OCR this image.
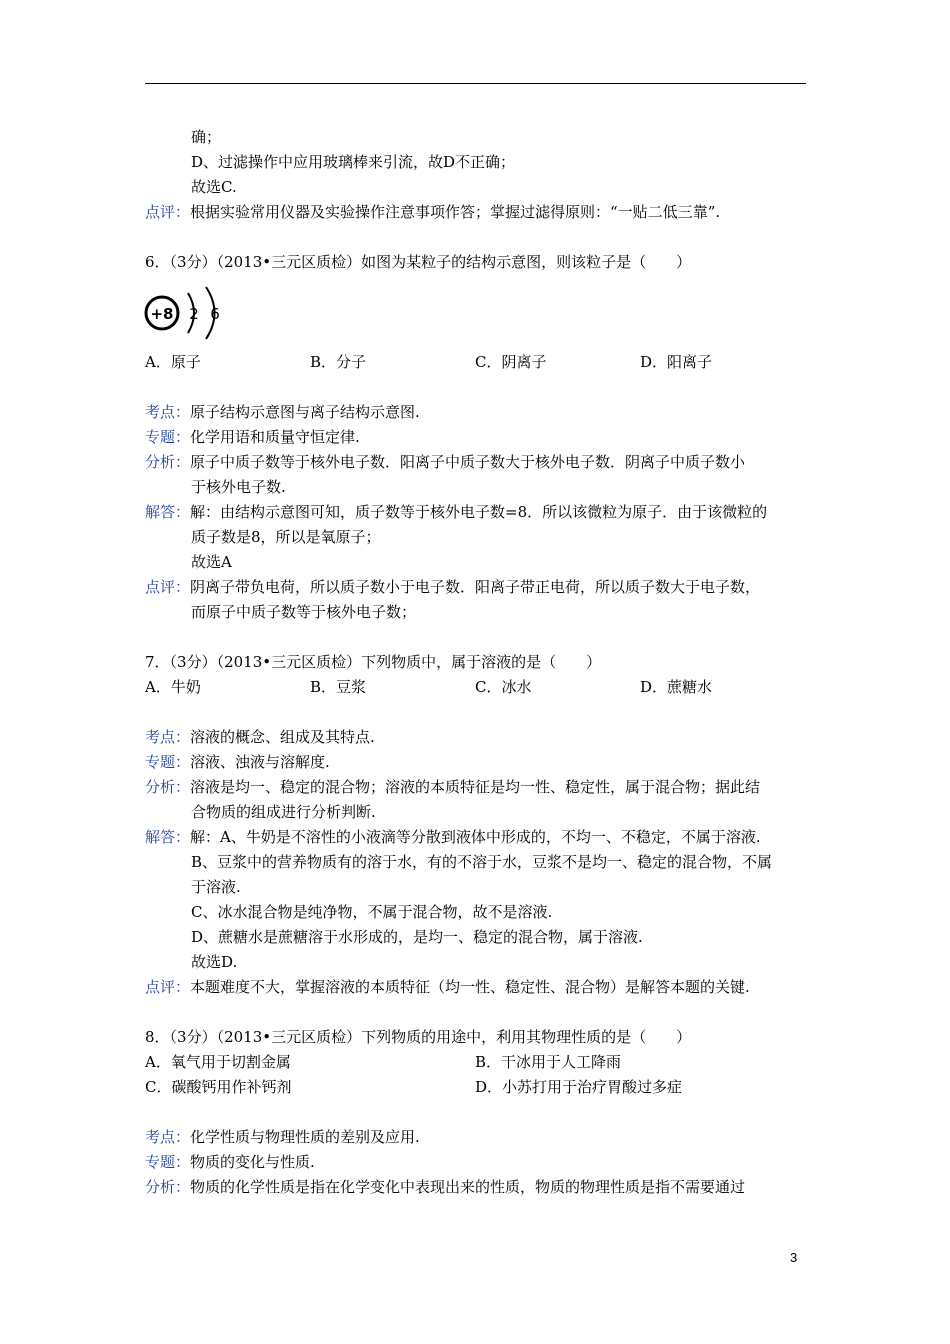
确；
D、过滤操作中应用玻璃棒来引流，故D不正确；
故选C.
点评：根据实验常用仪器及实验操作注意事项作答；掌握过滤得原则：“一贴二低三靠”.
6．（3分）（2013•三元区质检）如图为某粒子的结构示意图，则该粒子是（　　）
+8 2 6
A．原子	B．分子	C．阴离子	D．阳离子
考点：原子结构示意图与离子结构示意图.
专题：化学用语和质量守恒定律.
分析：原子中质子数等于核外电子数．阳离子中质子数大于核外电子数．阴离子中质子数小
于核外电子数.
解答：解：由结构示意图可知，质子数等于核外电子数=8．所以该微粒为原子．由于该微粒的
质子数是8，所以是氧原子；
故选A
点评：阴离子带负电荷，所以质子数小于电子数．阳离子带正电荷，所以质子数大于电子数，
而原子中质子数等于核外电子数；
7．（3分）（2013•三元区质检）下列物质中，属于溶液的是（　　）
A．牛奶	B．豆浆	C．冰水	D．蔗糖水
考点：溶液的概念、组成及其特点.
专题：溶液、浊液与溶解度.
分析：溶液是均一、稳定的混合物；溶液的本质特征是均一性、稳定性，属于混合物；据此结
合物质的组成进行分析判断.
解答：解：A、牛奶是不溶性的小液滴等分散到液体中形成的，不均一、不稳定，不属于溶液.
B、豆浆中的营养物质有的溶于水，有的不溶于水，豆浆不是均一、稳定的混合物，不属
于溶液.
C、冰水混合物是纯净物，不属于混合物，故不是溶液.
D、蔗糖水是蔗糖溶于水形成的，是均一、稳定的混合物，属于溶液.
故选D.
点评：本题难度不大，掌握溶液的本质特征（均一性、稳定性、混合物）是解答本题的关键.
8．（3分）（2013•三元区质检）下列物质的用途中，利用其物理性质的是（　　）
A．氧气用于切割金属	B．干冰用于人工降雨
C．碳酸钙用作补钙剂	D．小苏打用于治疗胃酸过多症
考点：化学性质与物理性质的差别及应用.
专题：物质的变化与性质.
分析：物质的化学性质是指在化学变化中表现出来的性质，物质的物理性质是指不需要通过
3
